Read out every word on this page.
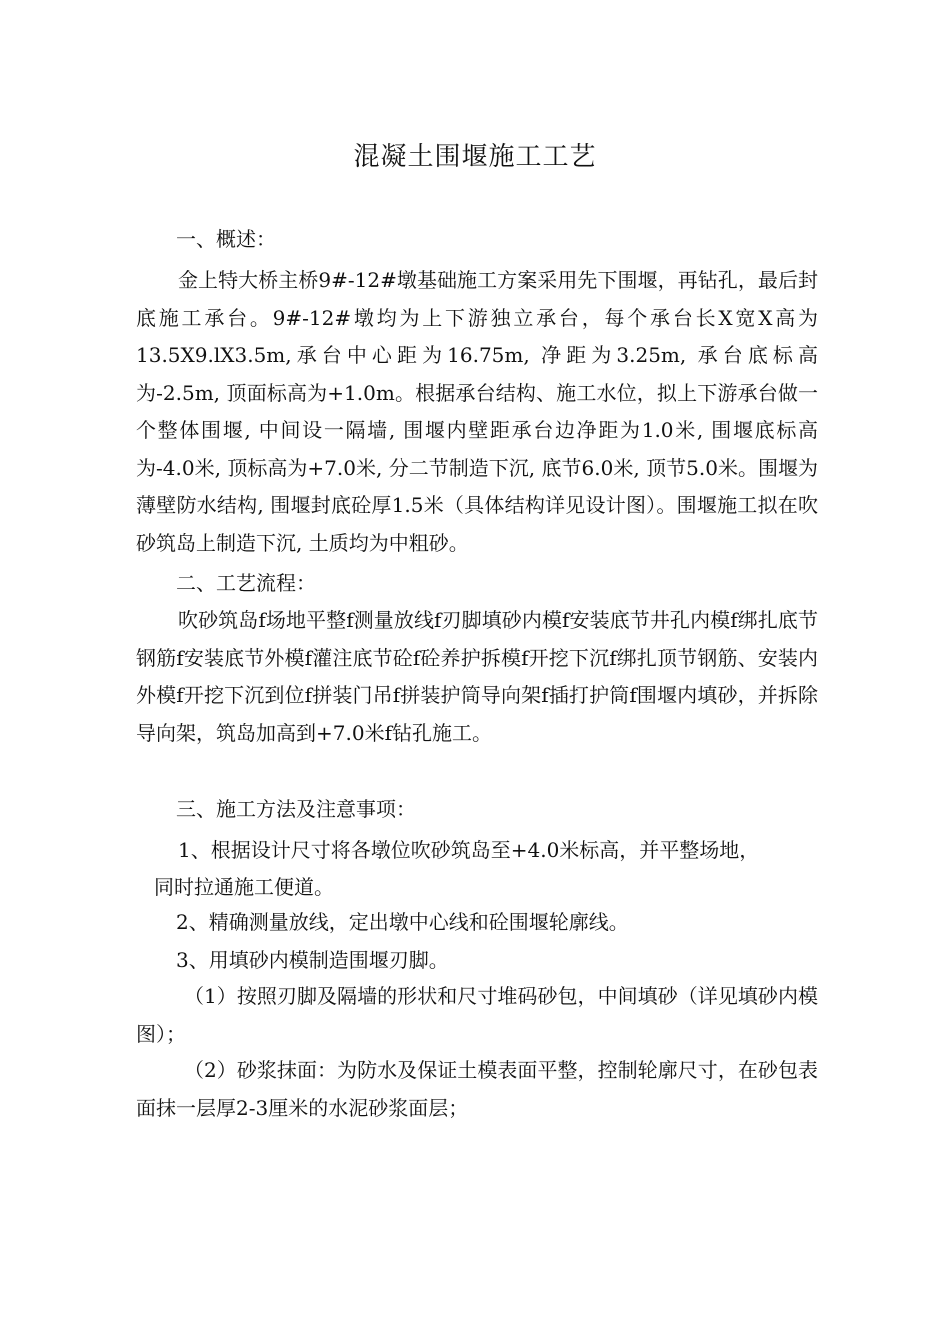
混凝土围堰施工工艺
一、概述：

金上特大桥主桥9#-12#墩基础施工方案采用先下围堰，再钻孔，最后封底施工承台。9#-12#墩均为上下游独立承台，每个承台长X宽X高为13.5X9.lX3.5m,承台中心距为16.75m, 净距为3.25m, 承台底标高为-2.5m, 顶面标高为+1.0m。根据承台结构、施工水位，拟上下游承台做一个整体围堰, 中间设一隔墙, 围堰内壁距承台边净距为1.0米, 围堰底标高为-4.0米, 顶标高为+7.0米, 分二节制造下沉, 底节6.0米, 顶节5.0米。围堰为薄壁防水结构, 围堰封底砼厚1.5米（具体结构详见设计图）。围堰施工拟在吹砂筑岛上制造下沉, 土质均为中粗砂。

二、工艺流程：

吹砂筑岛f场地平整f测量放线f刃脚填砂内模f安装底节井孔内模f绑扎底节钢筋f安装底节外模f灌注底节砼f砼养护拆模f开挖下沉f绑扎顶节钢筋、安装内外模f开挖下沉到位f拼装门吊f拼装护筒导向架f插打护筒f围堰内填砂，并拆除导向架，筑岛加高到+7.0米f钻孔施工。

三、施工方法及注意事项：

1、根据设计尺寸将各墩位吹砂筑岛至+4.0米标高，并平整场地，

同时拉通施工便道。

2、精确测量放线，定出墩中心线和砼围堰轮廓线。

3、用填砂内模制造围堰刃脚。

（1）按照刃脚及隔墙的形状和尺寸堆码砂包，中间填砂（详见填砂内模图）；

（2）砂浆抹面：为防水及保证土模表面平整，控制轮廓尺寸，在砂包表面抹一层厚2-3厘米的水泥砂浆面层；
